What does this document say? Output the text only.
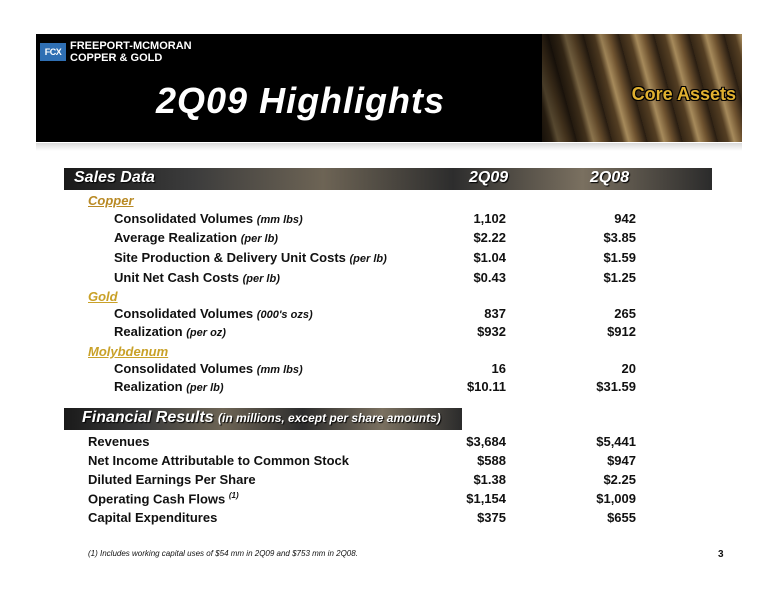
FCX FREEPORT-MCMORAN
COPPER & GOLD
2Q09 Highlights	Core Assets
Sales Data	2Q09	2Q08
Copper
Consolidated Volumes (mm lbs)	1,102	942
Average Realization (per lb)	$2.22	$3.85
Site Production & Delivery Unit Costs (per lb)	$1.04	$1.59
Unit Net Cash Costs (per lb)	$0.43	$1.25
Gold
Consolidated Volumes (000's ozs)	837	265
Realization (per oz)	$932	$912
Molybdenum
Consolidated Volumes (mm lbs)	16	20
Realization (per lb)	$10.11	$31.59
Financial Results (in millions, except per share amounts)
Revenues	$3,684	$5,441
Net Income Attributable to Common Stock	$588	$947
Diluted Earnings Per Share	$1.38	$2.25
Operating Cash Flows $^{(1)}$	$1,154	$1,009
Capital Expenditures	$375	$655
(1) Includes working capital uses of $54 mm in 2Q09 and $753 mm in 2Q08.	3
